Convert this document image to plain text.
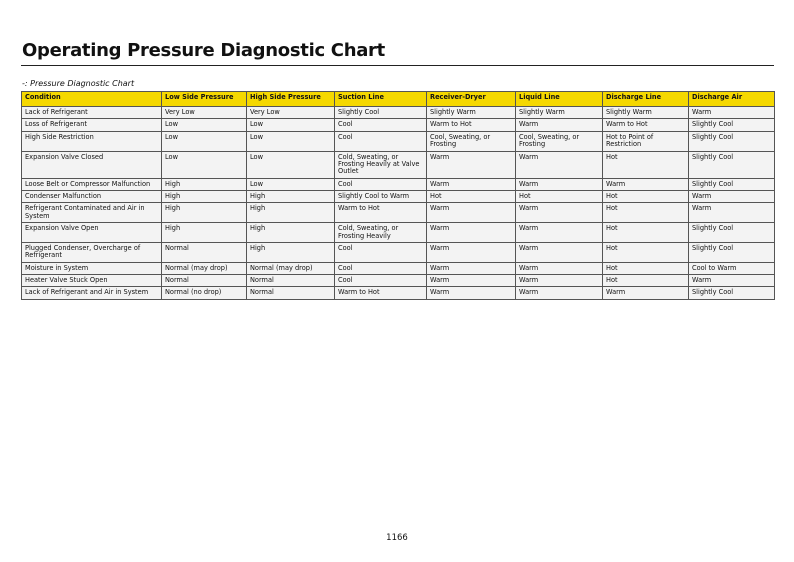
Operating Pressure Diagnostic Chart
-: Pressure Diagnostic Chart
Condition	Low Side Pressure	High Side Pressure	Suction Line	Receiver-Dryer	Liquid Line	Discharge Line	Discharge Air
Lack of Refrigerant	Very Low	Very Low	Slightly Cool	Slightly Warm	Slightly Warm	Slightly Warm	Warm
Loss of Refrigerant	Low	Low	Cool	Warm to Hot	Warm	Warm to Hot	Slightly Cool
High Side Restriction	Low	Low	Cool	Cool, Sweating, or Frosting	Cool, Sweating, or Frosting	Hot to Point of Restriction	Slightly Cool
Expansion Valve Closed	Low	Low	Cold, Sweating, or Frosting Heavily at Valve Outlet	Warm	Warm	Hot	Slightly Cool
Loose Belt or Compressor Malfunction	High	Low	Cool	Warm	Warm	Warm	Slightly Cool
Condenser Malfunction	High	High	Slightly Cool to Warm	Hot	Hot	Hot	Warm
Refrigerant Contaminated and Air in System	High	High	Warm to Hot	Warm	Warm	Hot	Warm
Expansion Valve Open	High	High	Cold, Sweating, or Frosting Heavily	Warm	Warm	Hot	Slightly Cool
Plugged Condenser, Overcharge of Refrigerant	Normal	High	Cool	Warm	Warm	Hot	Slightly Cool
Moisture in System	Normal (may drop)	Normal (may drop)	Cool	Warm	Warm	Hot	Cool to Warm
Heater Valve Stuck Open	Normal	Normal	Cool	Warm	Warm	Hot	Warm
Lack of Refrigerant and Air in System	Normal (no drop)	Normal	Warm to Hot	Warm	Warm	Warm	Slightly Cool
1166
